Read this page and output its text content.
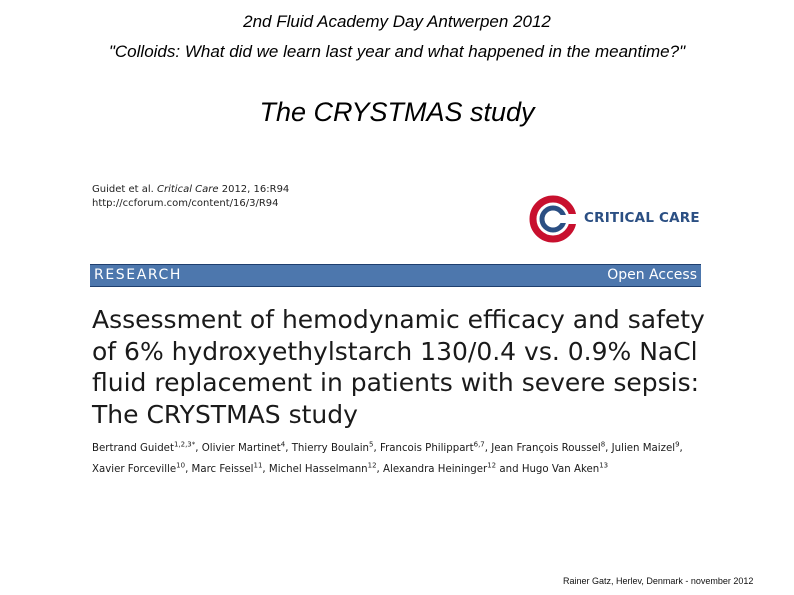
2nd Fluid Academy Day Antwerpen 2012
"Colloids: What did we learn last year and what happened in the meantime?"
The CRYSTMAS study
Guidet et al. Critical Care 2012, 16:R94
http://ccforum.com/content/16/3/R94
CRITICAL CARE
RESEARCH	Open Access
Assessment of hemodynamic efficacy and safety
of 6% hydroxyethylstarch 130/0.4 vs. 0.9% NaCl
fluid replacement in patients with severe sepsis:
The CRYSTMAS study
Bertrand Guidet$^{1,2,3*}$, Olivier Martinet$^4$, Thierry Boulain$^5$, Francois Philippart$^{6,7}$, Jean François Roussel$^8$, Julien Maizel$^9$,
Xavier Forceville$^{10}$, Marc Feissel$^{11}$, Michel Hasselmann$^{12}$, Alexandra Heininger$^{12}$ and Hugo Van Aken$^{13}$
Rainer Gatz, Herlev, Denmark - november 2012
